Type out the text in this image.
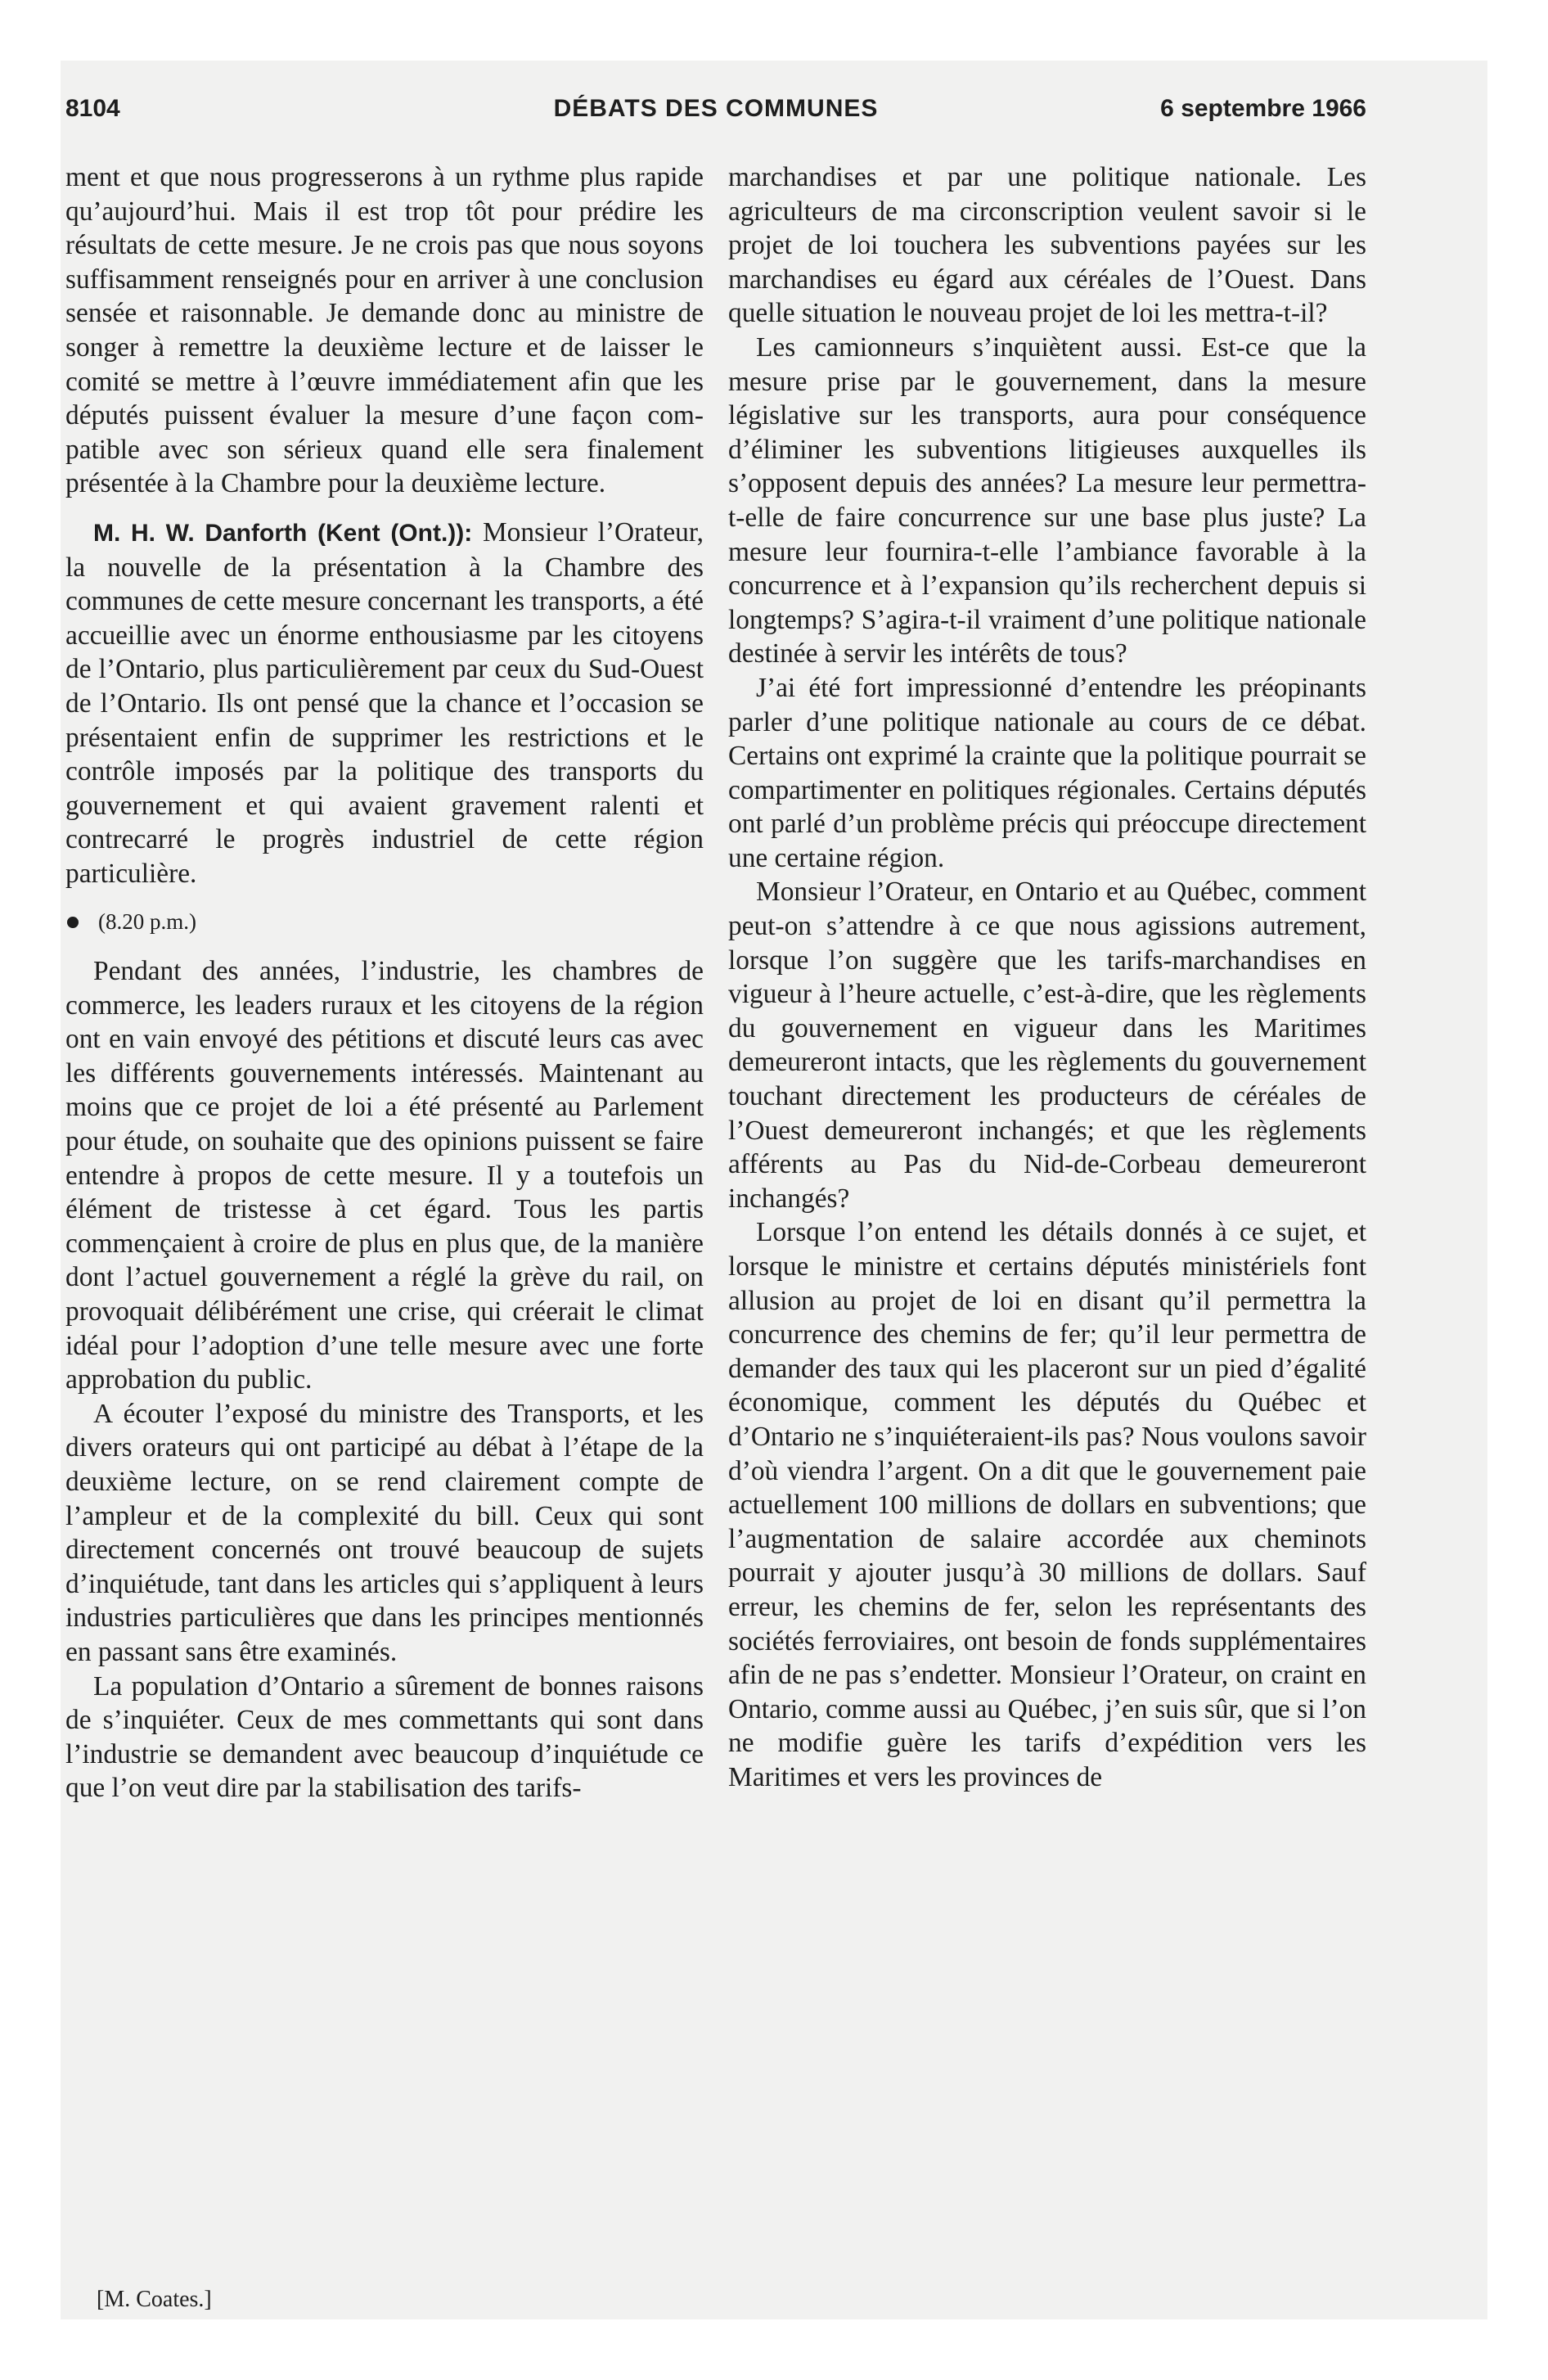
8104	DÉBATS DES COMMUNES	6 septembre 1966

ment et que nous progresserons à un rythme plus rapide qu’aujourd’hui. Mais il est trop tôt pour prédire les résultats de cette mesure. Je ne crois pas que nous soyons suffisamment renseignés pour en arriver à une conclusion sensée et raisonnable. Je demande donc au ministre de songer à remettre la deuxième lecture et de laisser le comité se mettre à l’œuvre immédiatement afin que les députés puissent évaluer la mesure d’une façon compatible avec son sérieux quand elle sera finalement présentée à la Chambre pour la deuxième lecture.

M. H. W. Danforth (Kent (Ont.)): Monsieur l’Orateur, la nouvelle de la présentation à la Chambre des communes de cette mesure concernant les transports, a été accueillie avec un énorme enthousiasme par les citoyens de l’Ontario, plus particulièrement par ceux du Sud-Ouest de l’Ontario. Ils ont pensé que la chance et l’occasion se présentaient enfin de supprimer les restrictions et le contrôle imposés par la politique des transports du gouvernement et qui avaient gravement ralenti et contrecarré le progrès industriel de cette région particulière.

(8.20 p.m.)

Pendant des années, l’industrie, les chambres de commerce, les leaders ruraux et les citoyens de la région ont en vain envoyé des pétitions et discuté leurs cas avec les différents gouvernements intéressés. Maintenant au moins que ce projet de loi a été présenté au Parlement pour étude, on souhaite que des opinions puissent se faire entendre à propos de cette mesure. Il y a toutefois un élément de tristesse à cet égard. Tous les partis commençaient à croire de plus en plus que, de la manière dont l’actuel gouvernement a réglé la grève du rail, on provoquait délibérément une crise, qui créerait le climat idéal pour l’adoption d’une telle mesure avec une forte approbation du public.

A écouter l’exposé du ministre des Transports, et les divers orateurs qui ont participé au débat à l’étape de la deuxième lecture, on se rend clairement compte de l’ampleur et de la complexité du bill. Ceux qui sont directement concernés ont trouvé beaucoup de sujets d’inquiétude, tant dans les articles qui s’appliquent à leurs industries particulières que dans les principes mentionnés en passant sans être examinés.

La population d’Ontario a sûrement de bonnes raisons de s’inquiéter. Ceux de mes commettants qui sont dans l’industrie se demandent avec beaucoup d’inquiétude ce que l’on veut dire par la stabilisation des tarifs-

marchandises et par une politique nationale. Les agriculteurs de ma circonscription veulent savoir si le projet de loi touchera les subventions payées sur les marchandises eu égard aux céréales de l’Ouest. Dans quelle situation le nouveau projet de loi les mettra-t-il?

Les camionneurs s’inquiètent aussi. Est-ce que la mesure prise par le gouvernement, dans la mesure législative sur les transports, aura pour conséquence d’éliminer les subventions litigieuses auxquelles ils s’opposent depuis des années? La mesure leur permettra-t-elle de faire concurrence sur une base plus juste? La mesure leur fournira-t-elle l’ambiance favorable à la concurrence et à l’expansion qu’ils recherchent depuis si longtemps? S’agira-t-il vraiment d’une politique nationale destinée à servir les intérêts de tous?

J’ai été fort impressionné d’entendre les préopinants parler d’une politique nationale au cours de ce débat. Certains ont exprimé la crainte que la politique pourrait se compartimenter en politiques régionales. Certains députés ont parlé d’un problème précis qui préoccupe directement une certaine région.

Monsieur l’Orateur, en Ontario et au Québec, comment peut-on s’attendre à ce que nous agissions autrement, lorsque l’on suggère que les tarifs-marchandises en vigueur à l’heure actuelle, c’est-à-dire, que les règlements du gouvernement en vigueur dans les Maritimes demeureront intacts, que les règlements du gouvernement touchant directement les producteurs de céréales de l’Ouest demeureront inchangés; et que les règlements afférents au Pas du Nid-de-Corbeau demeureront inchangés?

Lorsque l’on entend les détails donnés à ce sujet, et lorsque le ministre et certains députés ministériels font allusion au projet de loi en disant qu’il permettra la concurrence des chemins de fer; qu’il leur permettra de demander des taux qui les placeront sur un pied d’égalité économique, comment les députés du Québec et d’Ontario ne s’inquiéteraient-ils pas? Nous voulons savoir d’où viendra l’argent. On a dit que le gouvernement paie actuellement 100 millions de dollars en subventions; que l’augmentation de salaire accordée aux cheminots pourrait y ajouter jusqu’à 30 millions de dollars. Sauf erreur, les chemins de fer, selon les représentants des sociétés ferroviaires, ont besoin de fonds supplémentaires afin de ne pas s’endetter. Monsieur l’Orateur, on craint en Ontario, comme aussi au Québec, j’en suis sûr, que si l’on ne modifie guère les tarifs d’expédition vers les Maritimes et vers les provinces de

[M. Coates.]
